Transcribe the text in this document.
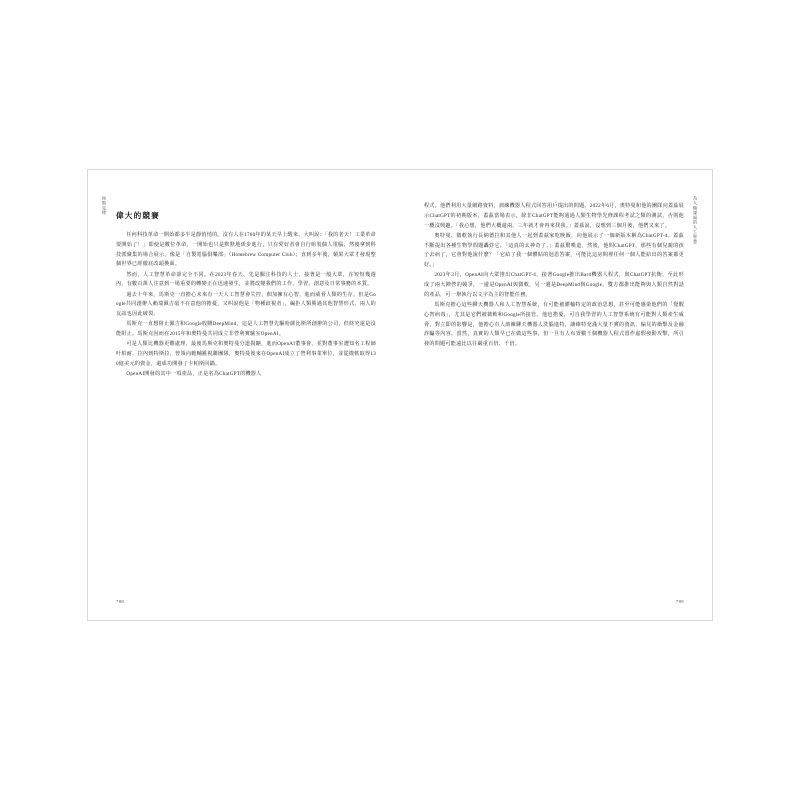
馬斯克傳
偉大的競賽

任何科技革命一開始都多半是靜悄悄的。沒有人在1760年的某天早上醒來，大叫說：「我的老天！工業革命要開始了！」即使是數位革命，一開始也只是默默地緩步進行，只有愛好者會自行組裝個人電腦，然後拿到科技派聚集的場合展示，像是「自製電腦俱樂部」（Homebrew Computer Club）；直到多年後，蘋果大眾才發現整個世界已經徹底改頭換面。

然而，人工智慧革命卻完全不同。在2023年春天，先是關注科技的人士，接著是一般大眾，在短短幾週內，有數百萬人注意到一場重要的轉變正在迅速發生，並將改變我們的工作、學習、創意及日常事務的本質。

過去十年來，馬斯克一直擔心未來有一天人工智慧會失控，佃加擁有心智，進而威脅人類的生存。但是Google共同創辦人賴瑞佩吉毫不在意他的擔憂，又叫說他是「物種歧視者」，編拒人類勝過其他智慧形式。兩人的友誼也因此破裂。

馬斯克一直想阻止佩吉和Google收購DeepMind，這是人工智慧先驅哈薩比斯所創辦的公司，但終究還是沒能阻止。馬斯克因而在2015年和奧特曼共同成立非營利實驗室OpenAI。

可是人類比機器更難處理，最後馬斯克和奧特曼分道揚鑣，進而OpenAI董事會，並對董事室遭知名工程師叶柏耐，拉內到特斯拉，曾領向範輔跳視聯團隊，奧特曼後來在OpenAI成立了營利事業單位，並從微軟取得130億美元的資金，還成功開發了卡帕斯回鍋。

OpenAI開發的其中一項產品，正是名為ChatGPT的機器人

788
為人類謀福的人工智慧

程式。他們利用大量網路資料，訓練機器人程式回答用戶提出的問題。2022年6月，奧特曼和他的團隊向蓋茲展示ChatGPT的初期版本，蓋茲當場表示，除非ChatGPT能夠通過人類生物學先修課程考試之類的測試，否則他一概沒興趣。「我心想，他們大概還兩、三年就才會再來找我。」蓋茲說，沒想到三個月後，他們又來了。

奧特曼、微軟執行長納德拉和其他人一起到蓋茲家吃晚飯，向他展示了一個新版本稱為ChatGPT-4。蓋茲不斷提出各種生物學問題轟炸它，「這真的太神奇了。」蓋茲驚嘆道。然後，他問ChatGPT，那些有個兒親的孩子去病了，它會對他說什麼？「它給了我一個體貼的迴恩答案，可能比這房間裡任何一個人能給出的答案都更好。」

2023年3月，OpenAI向大眾推出ChatGPT-4，接著Google推出Bard機器人程式，與ChatGPT抗衡，至此形成了兩大陣營的競爭，一邊是OpenAI與微軟，另一邊是DeepMind與Google。雙方都推出能夠與人類自然對話的產品，可一舉執行以文字為主的智能任務。

馬斯克擔心這些聊天機器人和人工智慧系統，有可能被灌輸特定的政治思想，甚至可能感染他們的「覺醒心智病毒」，尤其是它們被微軟和Google所接管。他也擔憂，可自我學習的人工智慧系統有可能對人類產生威脅，對立即的影響是，他擔心有人訓練聊天機器人洗腦進特，讓維特充滿大量不實的資訊，偏見的衝擊及金融詐騙等內容。當然，真實的人類早已在做這些事。但一旦有人布置數千個機器人程式當作虛假發動攻擊，所引發的問題可能遠比以往嚴重百倍、千倍。

789
